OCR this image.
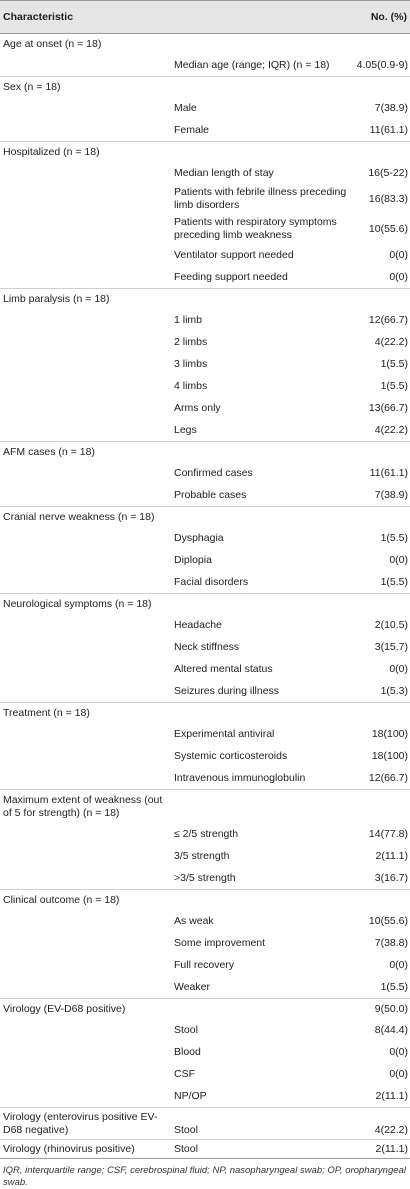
Characteristic		No. (%)
Age at onset (n = 18)		
	Median age (range; IQR) (n = 18)	4.05(0.9-9)
Sex (n = 18)		
	Male	7(38.9)
	Female	11(61.1)
Hospitalized (n = 18)		
	Median length of stay	16(5-22)
	Patients with febrile illness preceding limb disorders	16(83.3)
	Patients with respiratory symptoms preceding limb weakness	10(55.6)
	Ventilator support needed	0(0)
	Feeding support needed	0(0)
Limb paralysis (n = 18)		
	1 limb	12(66.7)
	2 limbs	4(22.2)
	3 limbs	1(5.5)
	4 limbs	1(5.5)
	Arms only	13(66.7)
	Legs	4(22.2)
AFM cases (n = 18)		
	Confirmed cases	11(61.1)
	Probable cases	7(38.9)
Cranial nerve weakness (n = 18)		
	Dysphagia	1(5.5)
	Diplopia	0(0)
	Facial disorders	1(5.5)
Neurological symptoms (n = 18)		
	Headache	2(10.5)
	Neck stiffness	3(15.7)
	Altered mental status	0(0)
	Seizures during illness	1(5.3)
Treatment (n = 18)		
	Experimental antiviral	18(100)
	Systemic corticosteroids	18(100)
	Intravenous immunoglobulin	12(66.7)
Maximum extent of weakness (out of 5 for strength) (n = 18)		
	≤ 2/5 strength	14(77.8)
	3/5 strength	2(11.1)
	>3/5 strength	3(16.7)
Clinical outcome (n = 18)		
	As weak	10(55.6)
	Some improvement	7(38.8)
	Full recovery	0(0)
	Weaker	1(5.5)
Virology (EV-D68 positive)		9(50.0)
	Stool	8(44.4)
	Blood	0(0)
	CSF	0(0)
	NP/OP	2(11.1)
Virology (enterovirus positive EV-D68 negative)	Stool	4(22.2)
Virology (rhinovirus positive)	Stool	2(11.1)
IQR, interquartile range; CSF, cerebrospinal fluid; NP, nasopharyngeal swab; OP, oropharyngeal swab.
